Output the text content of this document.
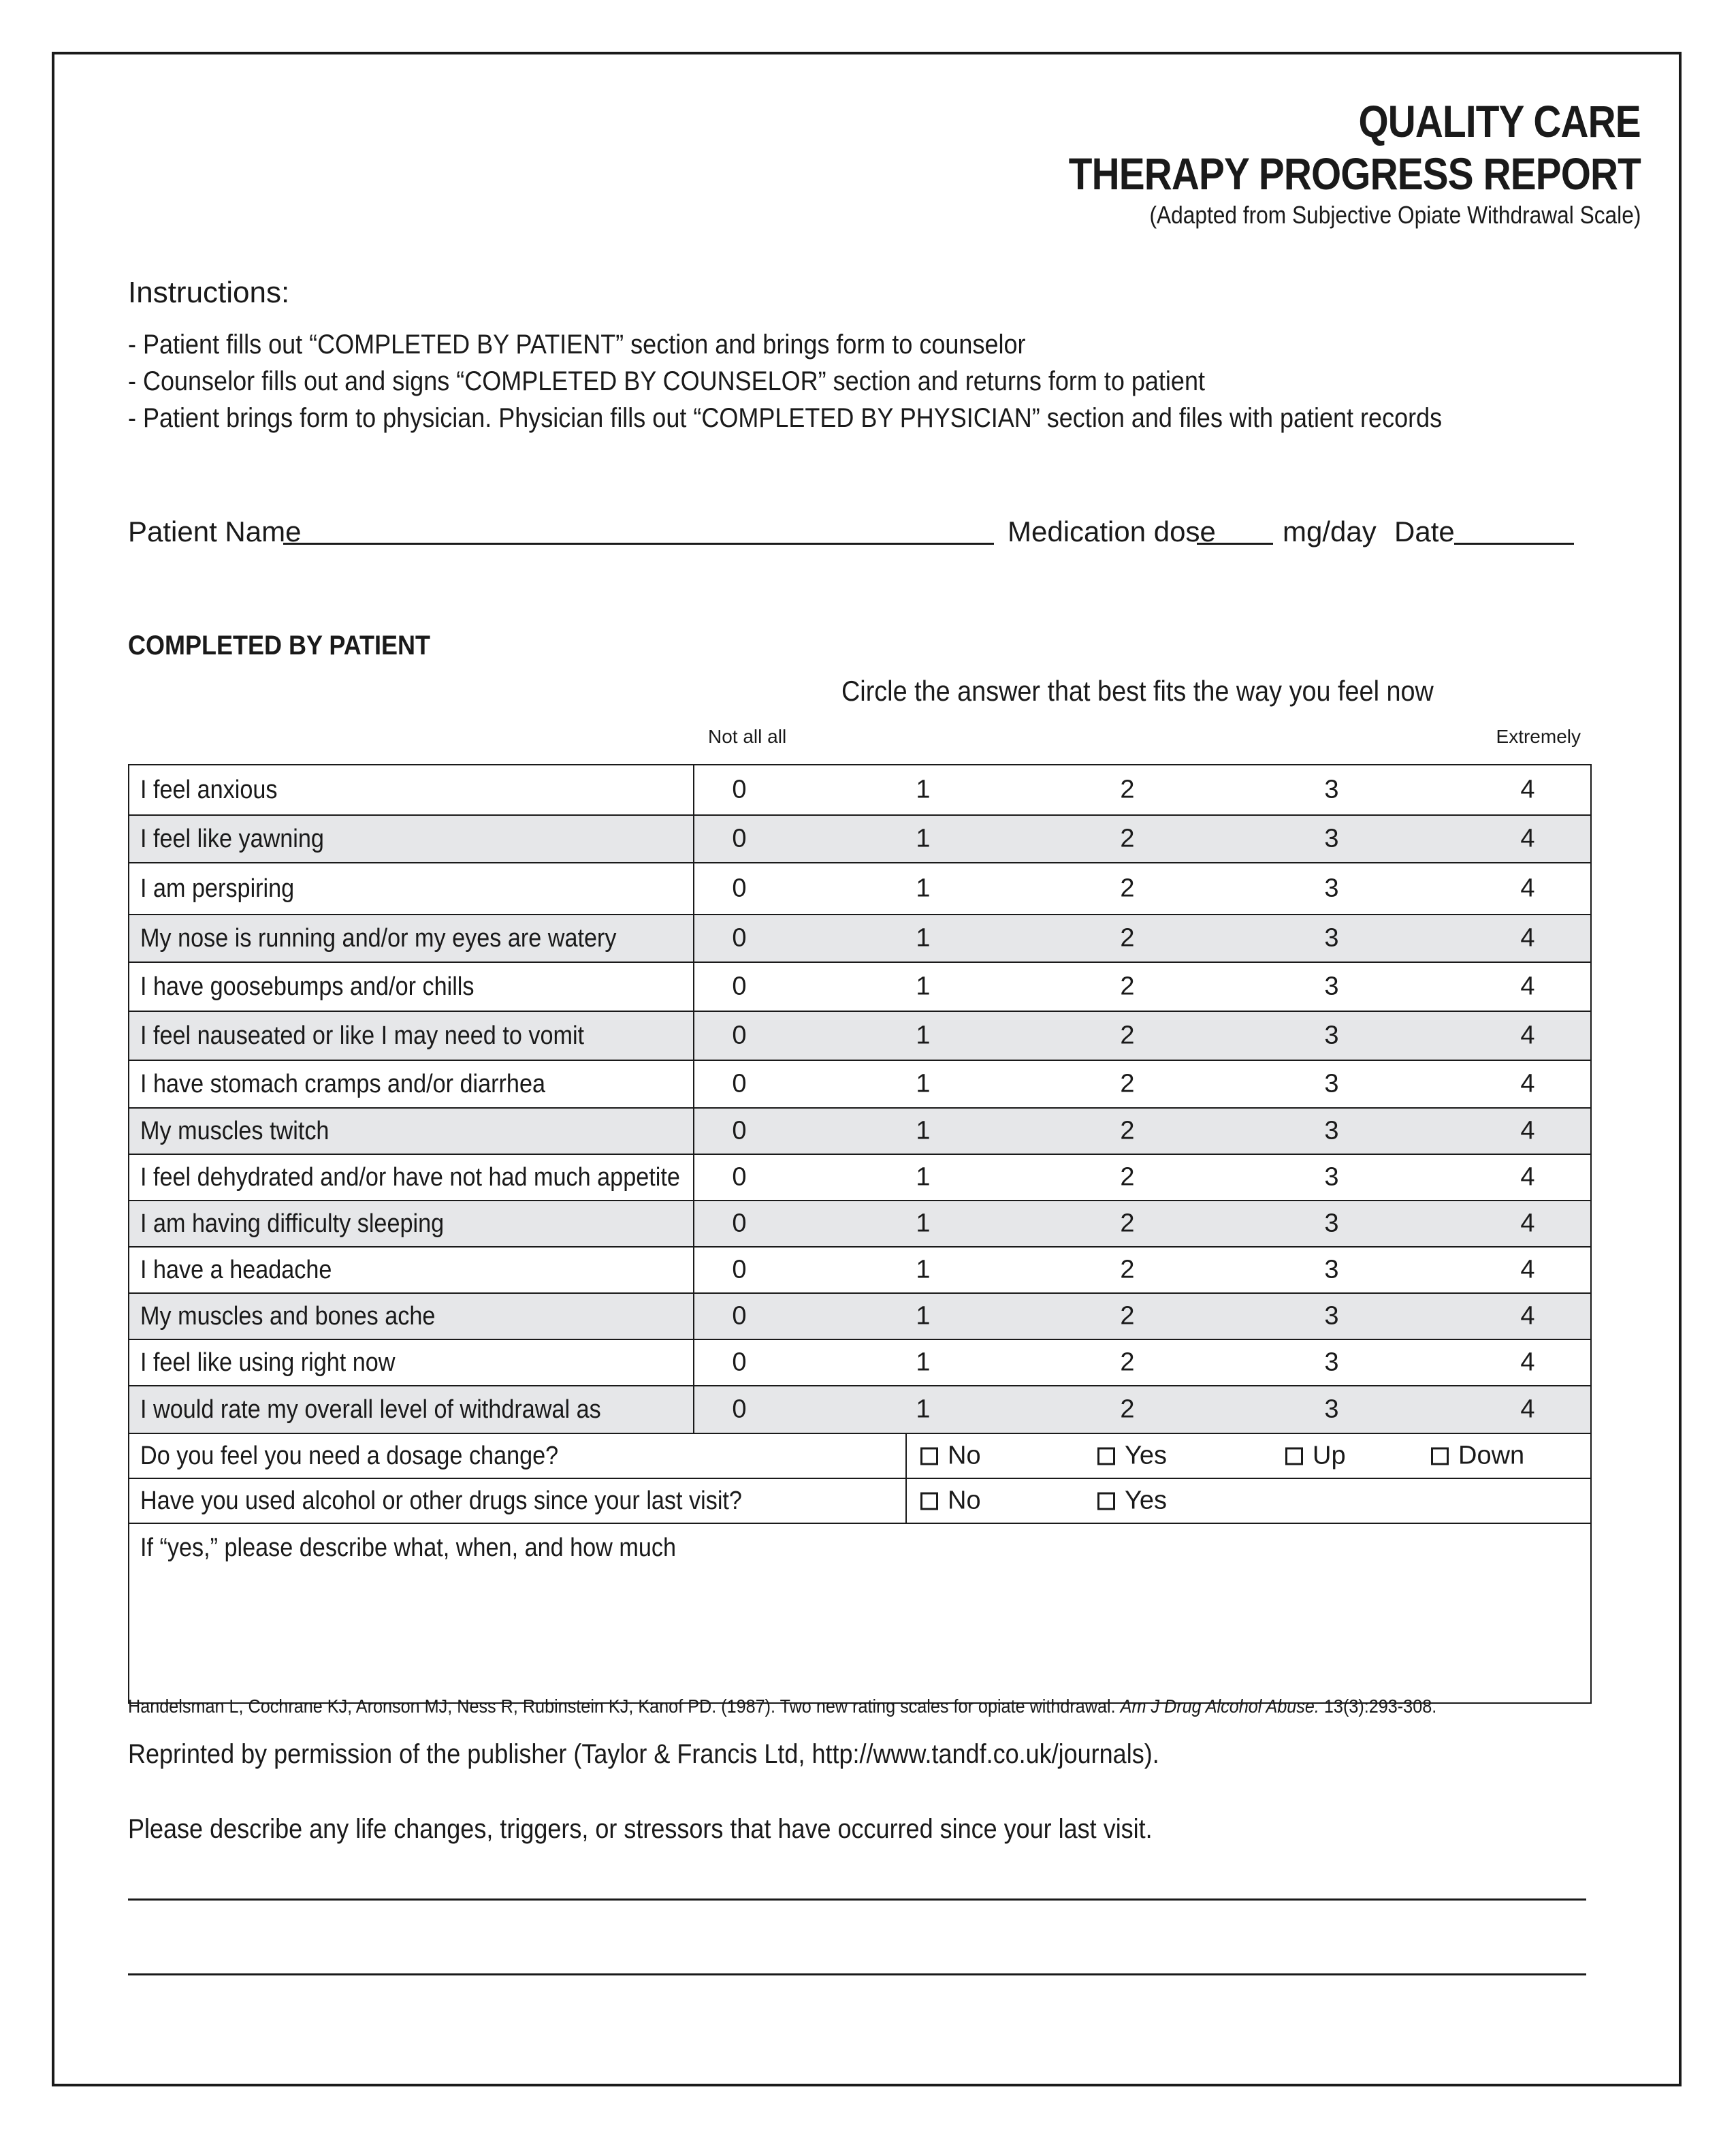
QUALITY CARE
THERAPY PROGRESS REPORT
(Adapted from Subjective Opiate Withdrawal Scale)
Instructions:
- Patient fills out “COMPLETED BY PATIENT” section and brings form to counselor
- Counselor fills out and signs “COMPLETED BY COUNSELOR” section and returns form to patient
- Patient brings form to physician. Physician fills out “COMPLETED BY PHYSICIAN” section and files with patient records
Patient Name	Medication dose mg/day Date
COMPLETED BY PATIENT
Circle the answer that best fits the way you feel now
Not all all	Extremely
I feel anxious	0 1 2 3 4	

I feel like yawning	0 1 2 3 4	

I am perspiring	0 1 2 3 4	

My nose is running and/or my eyes are watery	0 1 2 3 4	

I have goosebumps and/or chills	0 1 2 3 4	

I feel nauseated or like I may need to vomit	0 1 2 3 4	

I have stomach cramps and/or diarrhea	0 1 2 3 4	

My muscles twitch	0 1 2 3 4	

I feel dehydrated and/or have not had much appetite	0 1 2 3 4	

I am having difficulty sleeping	0 1 2 3 4	

I have a headache	0 1 2 3 4	

My muscles and bones ache	0 1 2 3 4	

I feel like using right now	0 1 2 3 4	

I would rate my overall level of withdrawal as	0 1 2 3 4	

Do you feel you need a dosage change?		No Yes Up Down

Have you used alcohol or other drugs since your last visit?		No Yes

If “yes,” please describe what, when, and how much		
Handelsman L, Cochrane KJ, Aronson MJ, Ness R, Rubinstein KJ, Kanof PD. (1987). Two new rating scales for opiate withdrawal. Am J Drug Alcohol Abuse. 13(3):293-308.
Reprinted by permission of the publisher (Taylor & Francis Ltd, http://www.tandf.co.uk/journals).
Please describe any life changes, triggers, or stressors that have occurred since your last visit.
